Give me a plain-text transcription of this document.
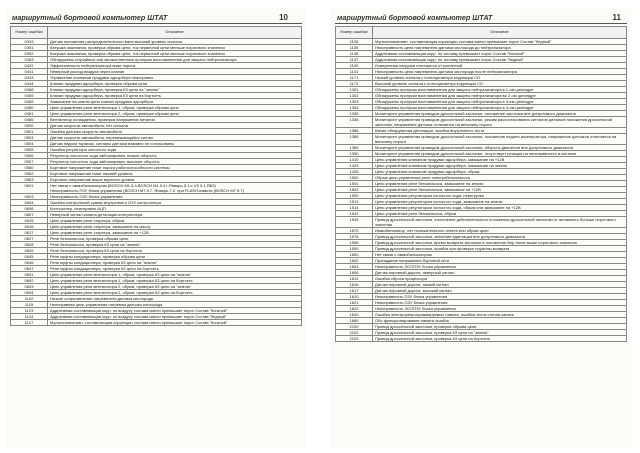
маршрутный бортовой компьютер ШТАТ	10
Номер ошибки	Описание
0343	Датчик положения распределительного вала высокий уровень сигнала
0351	Катушка зажигания, проверка обрыва цепи, ток первичной цепи меньше порогового значения
0352	Катушка зажигания, проверка обрыва цепи, ток первичной цепи меньше порогового значения
0363	Обнаружены случайные или множественные пропуски воспламенения для защиты нейтрализатора
0422	Эффективность нейтрализатора ниже порога
0441	Неверный расход воздуха через клапан
0443	Управление клапаном продувки адсорбера неисправно
0444	Клапан продувки адсорбера, проверка обрыва цепи
0458	Клапан продувки адсорбера, проверка КЗ цепи на "землю"
0459	Клапан продувки адсорбера, проверка КЗ цепи на бортсеть
0465	Замыкание на землю цепи клапан продувки адсорбера
0480	Цепь управления реле вентилятора 1, обрыв, проверка обрыва цепи
0481	Цепь управления реле вентилятора 2, обрыв, проверка обрыва цепи
0485	Вентилятор охлаждения, проверка напряжения питания
0500	Датчик скорости автомобиля, нет сигнала
0501	Ошибка датчика скорости автомобиля
0503	Датчик скорости автомобиля, перемежающийся сигнал
0504	Датчик педали тормоза, сигналы датчика взаимно не согласованы
0505	Ошибка регулятора холостого хода
0506	Регулятор холостого хода заблокирован, низкие обороты
0507	Регулятор холостого хода заблокирован, высокие обороты
0560	Бортовое напряжение ниже порога работоспособности системы
0562	Бортовое напряжение ниже нижней уровень
0563	Бортовое напряжение выше верхнего уровня
0601	Нет связи с иммобилизатором (BOSCH M1.5.4,BOSCH M1.5.4+,Январь-5.1.х,VS 5.1,ЯБ3)
Неисправность ПЗУ блока управления (BOSCH M7.9.7, Январь-7.2, при FLASH-памяти (BOSCH M7.9.7)
0603	Неисправность ОЗУ блока управления
0604	Ошибка контрольной суммы внутреннего ОЗУ контроллера
0606	Контроллер, неисправно АЦП
0607	Неверный сигнал канала детонации контроллера
0615	Цепь управления реле стартера, обрыв
0616	Цепь управления реле стартера, замыкание на массу
0617	Цепь управления реле стартера, замыкание на +12В
0627	Реле бензонасоса, проверка обрыва цепи
0628	Реле бензонасоса, проверка КЗ цепи на "землю"
0629	Реле бензонасоса, проверка КЗ цепи на бортсеть
0645	Реле муфты кондиционера, проверка обрыва цепи
0646	Реле муфты кондиционера, проверка КЗ цепи на "землю"
0647	Реле муфты кондиционера, проверка КЗ цепи на бортсеть
0691	Цепь управления реле вентилятора 1, обрыв, проверка КЗ цепи на "землю"
0692	Цепь управления реле вентилятора 1, обрыв, проверка КЗ цепи на бортсеть
0693	Цепь управления реле вентилятора 2, обрыв, проверка КЗ цепи на "землю"
0694	Цепь управления реле вентилятора 2, обрыв, проверка КЗ цепи на бортсеть
1102	Низкое сопротивление нагревателя датчика кислорода
1115	Неисправная цепь управления нагревом датчика кислорода
1123	Аддитивная составляющая корр. по воздуху состава смеси превышает порог Состав "богатый"
1124	Аддитивная составляющая корр. по воздуху состава смеси превышает порог Состав "бедный"
1127	Мультипликативн. составляющая коррекции состава смеси превышает порог Состав "богатый"
маршрутный бортовой компьютер ШТАТ	11
Номер ошибки	Описание
1128	Мультипликативн. составляющая коррекции состава смеси превышает порог Состав "бедный"
1135	Неисправность цепи нагревателя датчика кислорода до нейтрализатора
1136	Аддитивная составляющая корр. по топливу превышает порог Состав "богатый"
1137	Аддитивная составляющая корр. по топливу превышает порог Состав "бедный"
1140	Измеренная нагрузка отличается от расчетной
1141	Неисправность цепи нагревателя датчика кислорода после нейтрализатора
1171	Низкий уровень сигнала с потенциометра коррекции СО
1172	Высокий уровень сигнала с потенциометра коррекции СО
1301	Обнаружены пропуски воспламенения для защиты нейтрализатора в 1-ом цилиндре
1302	Обнаружены пропуски воспламенения для защиты нейтрализатора во 2-ом цилиндре
1303	Обнаружены пропуски воспламенения для защиты нейтрализатора в 3-ем цилиндре
1304	Обнаружены пропуски воспламенения для защиты нейтрализатора в 4-ом цилиндре
1335	Мониторинг управления приводом дроссельной заслонки, положение заслонки вне допустимого диапазона
1336	Мониторинг управления приводом дроссельной заслонки, режим рассогласования сигналов датчиков положения дроссельной заслонки, напряжение датчика отличается на величину порога
1386	Канал обнаружения детонации, ошибка внутреннего теста
1388	Мониторинг управления приводом дроссельной заслонки, положение педали акселератора, напряжение датчиков отличается на величину порога
1389	Мониторинг управления приводом дроссельной заслонки, обороты двигателя вне допустимого диапазона
1390	Мониторинг управления приводом дроссельной заслонки, отсутствует реакция на неисправность в системе
1410	Цепь управления клапаном продувки адсорбера, замыкание на +12В
1425	Цепь управления клапаном продувки адсорбера, замыкание на землю
1426	Цепь управления клапаном продувки адсорбера, обрыв
1500	Обрыв цепи управления реле электробензонасоса
1501	Цепь управления реле бензонасоса, замыкание на землю
1502	Цепь управления реле бензонасоса, замыкание на +12В
1509	Цепь управления регулятором холостого хода, перегрузка
1513	Цепь управления регулятором холостого хода, замыкание на землю
1514	Цепь управления регулятором холостого хода, обрыв или замыкание на +12В
1541	Цепь управления реле бензонасоса, обрыв
1545	Привод дроссельной заслонки, отклонение действительного положения дроссельной заслонки от желаемого больше порогового значения
1570	Иммобилизатор, нет положительного ответа или обрыв цепи
1578	Привод дроссельной заслонки, значение адаптации вне допустимого диапазона
1558	Привод дроссельной заслонки, время возврата заслонки в положение limp home выше порогового значения
1559	Привод дроссельной заслонки, ошибка при проверке пружины возврата
1600	Нет связи с иммобилизатором
1602	Пропадание напряжения бортовой сети
1603	Неисправность ЭСППЗУ блока управления
1606	Датчик неровной дороги, неверный сигнал
1612	Ошибка сброса процессора
1616	Датчик неровной дороги, низкий сигнал
1617	Датчик неровной дороги, высокий сигнал
1620	Неисправность ПЗУ блока управления
1621	Неисправность ОЗУ блока управления
1622	Неисправность ЭСППЗУ блока управления
1640	Ошибка электрорепрограммируемых памяти, ошибка теста чтение-запись
1689	Обо функционирование памяти ошибок
2100	Привод дроссельной заслонки, проверка обрыва цепи
2102	Привод дроссельной заслонки, проверка КЗ цепи на "землю"
2103	Привод дроссельной заслонки, проверка КЗ цепи на бортсеть
